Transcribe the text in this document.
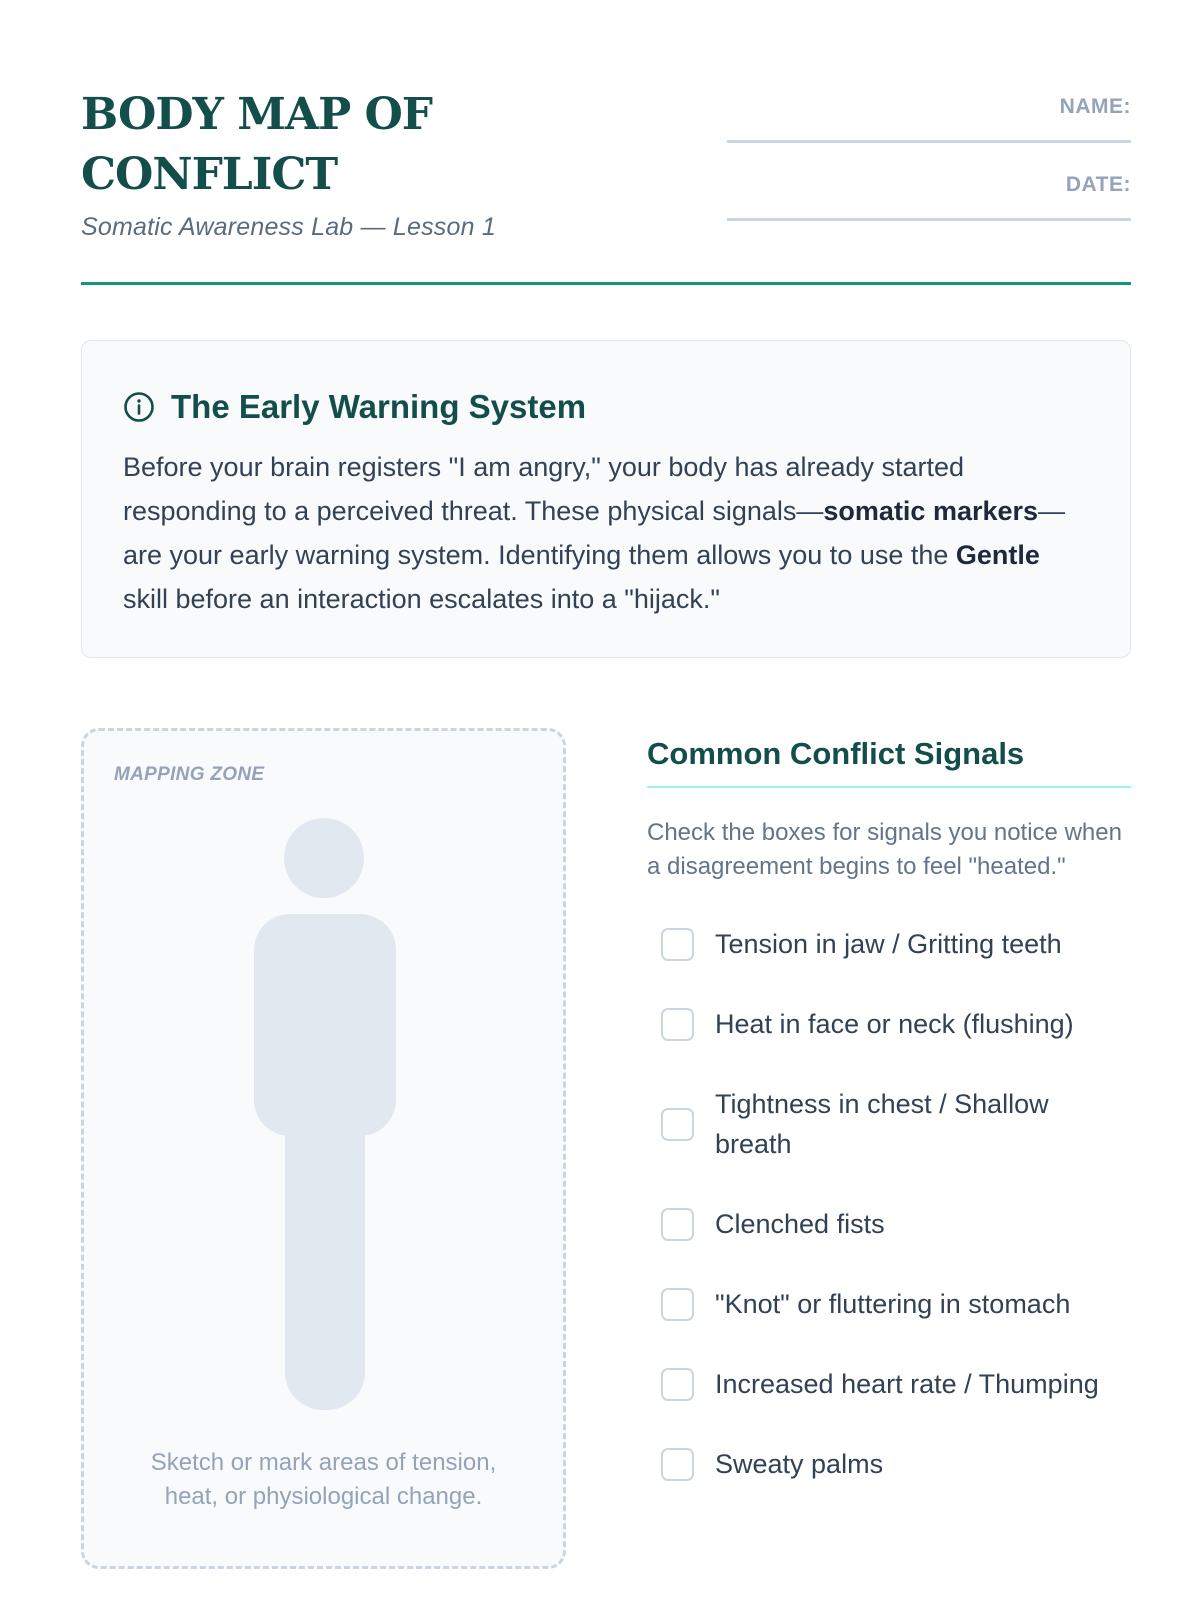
BODY MAP OF CONFLICT
Somatic Awareness Lab — Lesson 1
NAME:
DATE:
The Early Warning System

Before your brain registers "I am angry," your body has already started responding to a perceived threat. These physical signals—somatic markers—are your early warning system. Identifying them allows you to use the Gentle skill before an interaction escalates into a "hijack."

MAPPING ZONE

Sketch or mark areas of tension, heat, or physiological change.

Common Conflict Signals

Check the boxes for signals you notice when a disagreement begins to feel "heated."

Tension in jaw / Gritting teeth
Heat in face or neck (flushing)
Tightness in chest / Shallow breath
Clenched fists
"Knot" or fluttering in stomach
Increased heart rate / Thumping
Sweaty palms
